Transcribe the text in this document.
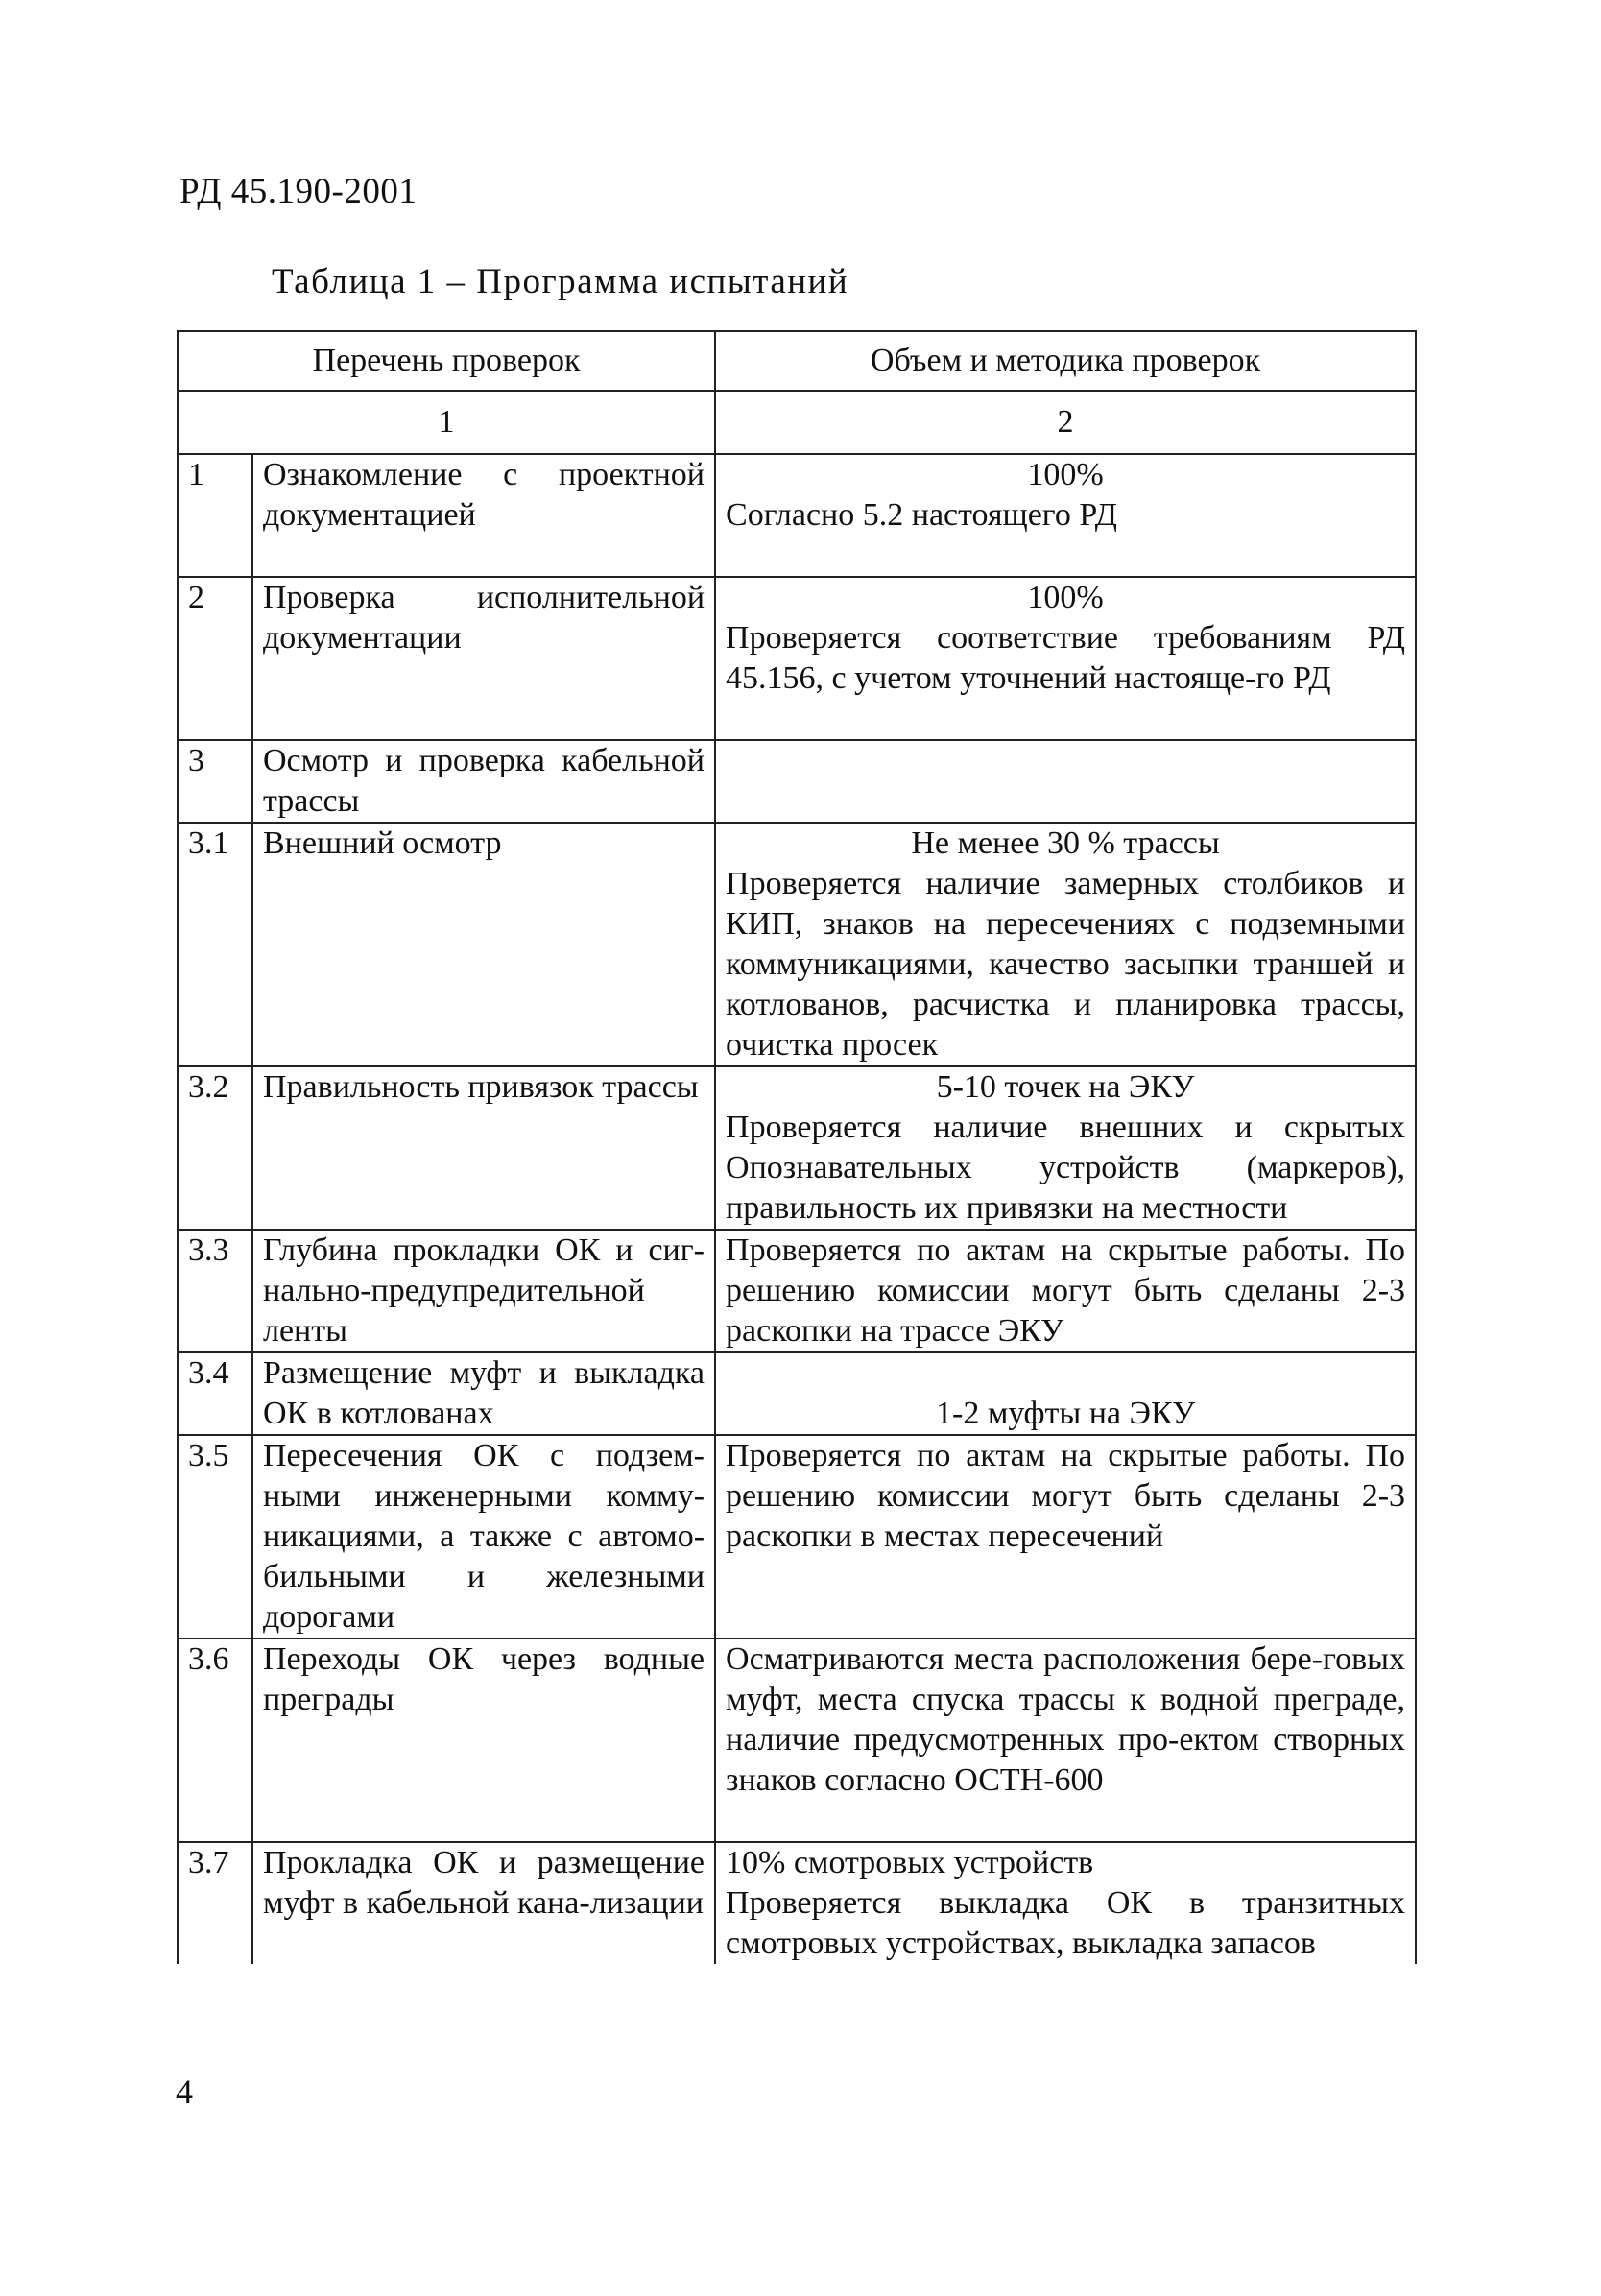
РД 45.190-2001
Таблица 1 – Программа испытаний
Перечень проверок		Объем и методика проверок
1		2
1	Ознакомление с проектной документацией	100%
Согласно 5.2 настоящего РД

2	Проверка исполнительной документации	100%
Проверяется соответствие требованиям РД 45.156, с учетом уточнений настояще-го РД

3	Осмотр и проверка кабельной трассы	

3.1	Внешний осмотр	Не менее 30 % трассы
Проверяется наличие замерных столбиков и КИП, знаков на пересечениях с подземными коммуникациями, качество засыпки траншей и котлованов, расчистка и планировка трассы, очистка просек

3.2	Правильность привязок трассы	5-10 точек на ЭКУ
Проверяется наличие внешних и скрытых Опознавательных устройств (маркеров), правильность их привязки на местности

3.3	Глубина прокладки ОК и сиг-нально-предупредительной ленты	Проверяется по актам на скрытые работы. По решению комиссии могут быть сделаны 2-3 раскопки на трассе ЭКУ

3.4	Размещение муфт и выкладка ОК в котлованах	1-2 муфты на ЭКУ

3.5	Пересечения ОК с подзем-ными инженерными комму-никациями, а также с автомо-бильными и железными дорогами	Проверяется по актам на скрытые работы. По решению комиссии могут быть сделаны 2-3 раскопки в местах пересечений

3.6	Переходы ОК через водные преграды	Осматриваются места расположения бере-говых муфт, места спуска трассы к водной преграде, наличие предусмотренных про-ектом створных знаков согласно ОСТН-600

3.7	Прокладка ОК и размещение муфт в кабельной кана-лизации	10% смотровых устройств
Проверяется выкладка ОК в транзитных смотровых устройствах, выкладка запасов
4
